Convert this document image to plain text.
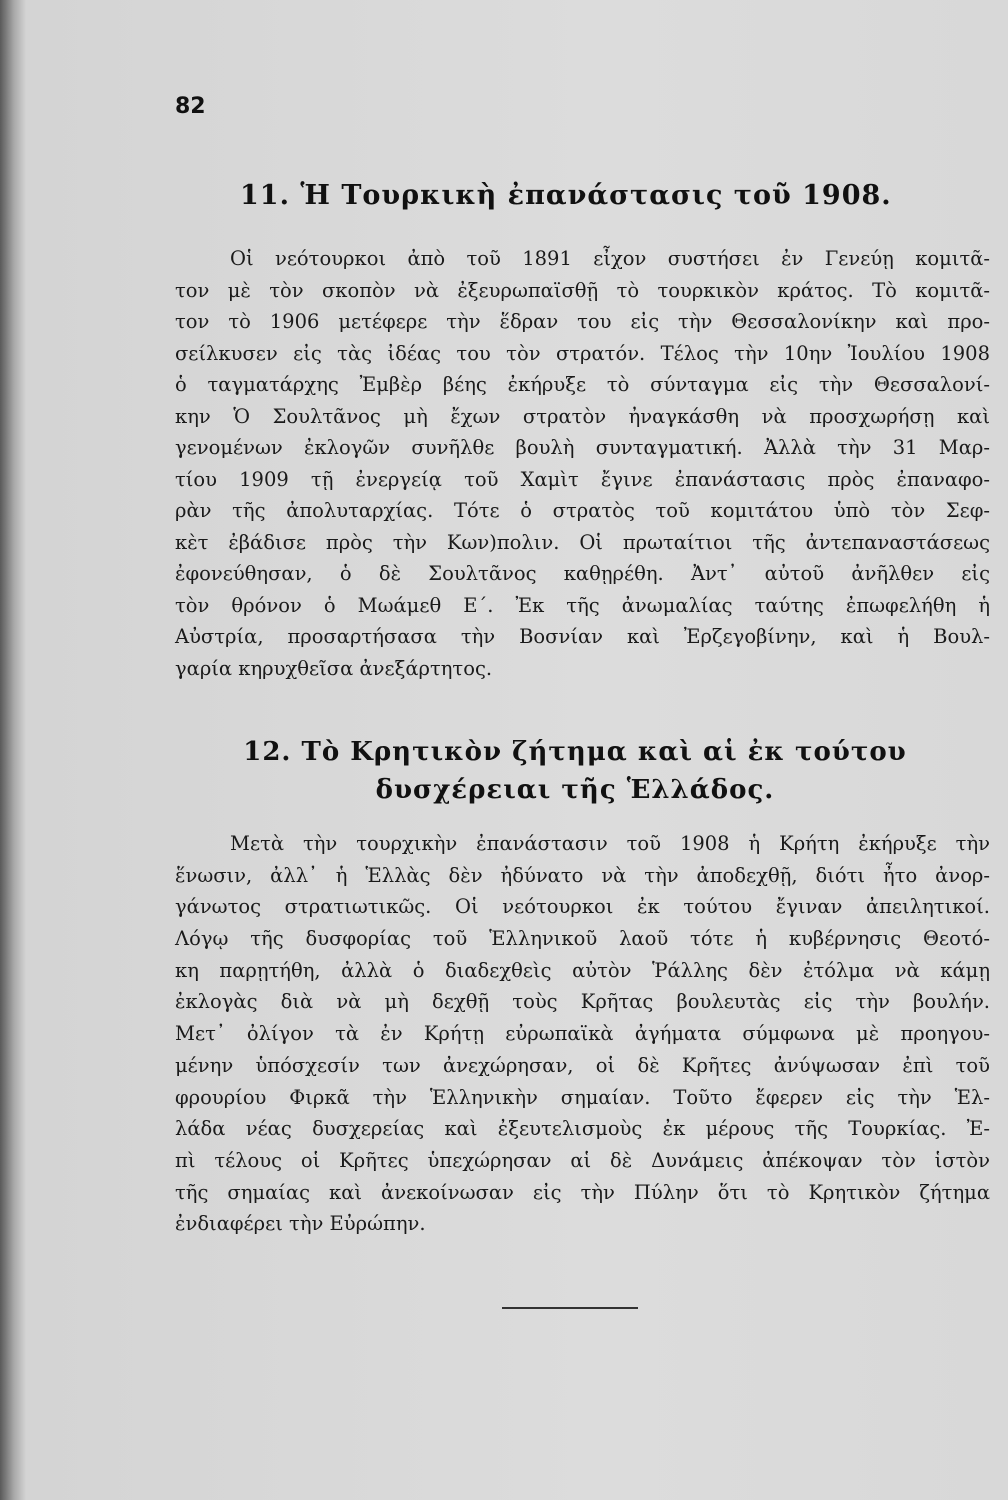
82
11. Ἡ Τουρκικὴ ἐπανάστασις τοῦ 1908.
Οἱ νεότουρκοι ἀπὸ τοῦ 1891 εἶχον συστήσει ἐν Γενεύῃ κομιτᾶ-
τον μὲ τὸν σκοπὸν νὰ ἐξευρωπαϊσθῇ τὸ τουρκικὸν κράτος. Τὸ κομιτᾶ-
τον τὸ 1906 μετέφερε τὴν ἕδραν του εἰς τὴν Θεσσαλονίκην καὶ προ-
σείλκυσεν εἰς τὰς ἰδέας του τὸν στρατόν. Τέλος τὴν 10ην Ἰουλίου 1908
ὁ ταγματάρχης Ἐμβὲρ βέης ἐκήρυξε τὸ σύνταγμα εἰς τὴν Θεσσαλονί-
κην Ὁ Σουλτᾶνος μὴ ἔχων στρατὸν ἠναγκάσθη νὰ προσχωρήσῃ καὶ
γενομένων ἐκλογῶν συνῆλθε βουλὴ συνταγματική. Ἀλλὰ τὴν 31 Μαρ-
τίου 1909 τῇ ἐνεργείᾳ τοῦ Χαμὶτ ἔγινε ἐπανάστασις πρὸς ἐπαναφο-
ρὰν τῆς ἀπολυταρχίας. Τότε ὁ στρατὸς τοῦ κομιτάτου ὑπὸ τὸν Σεφ-
κὲτ ἐβάδισε πρὸς τὴν Κων)πολιν. Οἱ πρωταίτιοι τῆς ἀντεπαναστάσεως
ἐφονεύθησαν, ὁ δὲ Σουλτᾶνος καθῃρέθη. Ἀντ᾿ αὐτοῦ ἀνῆλθεν εἰς
τὸν θρόνον ὁ Μωάμεθ Ε΄. Ἐκ τῆς ἀνωμαλίας ταύτης ἐπωφελήθη ἡ
Αὐστρία, προσαρτήσασα τὴν Βοσνίαν καὶ Ἐρζεγοβίνην, καὶ ἡ Βουλ-
γαρία κηρυχθεῖσα ἀνεξάρτητος.
12. Τὸ Κρητικὸν ζήτημα καὶ αἱ ἐκ τούτου
δυσχέρειαι τῆς Ἑλλάδος.
Μετὰ τὴν τουρχικὴν ἐπανάστασιν τοῦ 1908 ἡ Κρήτη ἐκήρυξε τὴν
ἕνωσιν, ἀλλ᾿ ἡ Ἑλλὰς δὲν ἠδύνατο νὰ τὴν ἀποδεχθῇ, διότι ἦτο ἀνορ-
γάνωτος στρατιωτικῶς. Οἱ νεότουρκοι ἐκ τούτου ἔγιναν ἀπειλητικοί.
Λόγῳ τῆς δυσφορίας τοῦ Ἑλληνικοῦ λαοῦ τότε ἡ κυβέρνησις Θεοτό-
κη παρῃτήθη, ἀλλὰ ὁ διαδεχθεὶς αὐτὸν Ῥάλλης δὲν ἐτόλμα νὰ κάμῃ
ἐκλογὰς διὰ νὰ μὴ δεχθῇ τοὺς Κρῆτας βουλευτὰς εἰς τὴν βουλήν.
Μετ᾿ ὀλίγον τὰ ἐν Κρήτῃ εὐρωπαϊκὰ ἀγήματα σύμφωνα μὲ προηγου-
μένην ὑπόσχεσίν των ἀνεχώρησαν, οἱ δὲ Κρῆτες ἀνύψωσαν ἐπὶ τοῦ
φρουρίου Φιρκᾶ τὴν Ἑλληνικὴν σημαίαν. Τοῦτο ἔφερεν εἰς τὴν Ἑλ-
λάδα νέας δυσχερείας καὶ ἐξευτελισμοὺς ἐκ μέρους τῆς Τουρκίας. Ἐ-
πὶ τέλους οἱ Κρῆτες ὑπεχώρησαν αἱ δὲ Δυνάμεις ἀπέκοψαν τὸν ἱστὸν
τῆς σημαίας καὶ ἀνεκοίνωσαν εἰς τὴν Πύλην ὅτι τὸ Κρητικὸν ζήτημα
ἐνδιαφέρει τὴν Εὐρώπην.
